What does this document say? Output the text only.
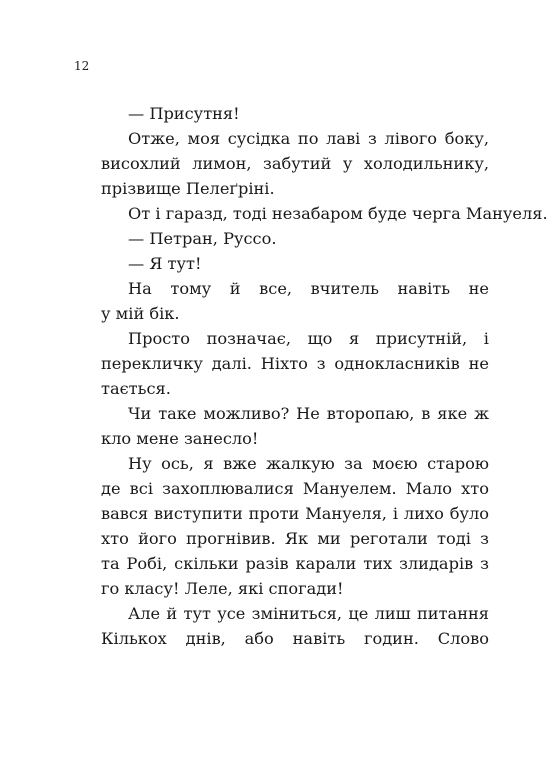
12
— Присутня!
Отже, моя сусідка по лаві з лівого боку,
висохлий лимон, забутий у холодильнику,
прізвище Пелеґріні.
От і гаразд, тоді незабаром буде черга Мануеля.
— Петран, Руссо.
— Я тут!
На тому й все, вчитель навіть не
у мій бік.
Просто позначає, що я присутній, і
перекличку далі. Ніхто з однокласників не
тається.
Чи таке можливо? Не второпаю, в яке ж
кло мене занесло!
Ну ось, я вже жалкую за моєю старою
де всі захоплювалися Мануелем. Мало хто
вався виступити проти Мануеля, і лихо було
хто його прогнівив. Як ми реготали тоді з
та Робі, скільки разів карали тих злидарів з
го класу! Леле, які спогади!
Але й тут усе зміниться, це лиш питання
Кількох днів, або навіть годин. Слово
